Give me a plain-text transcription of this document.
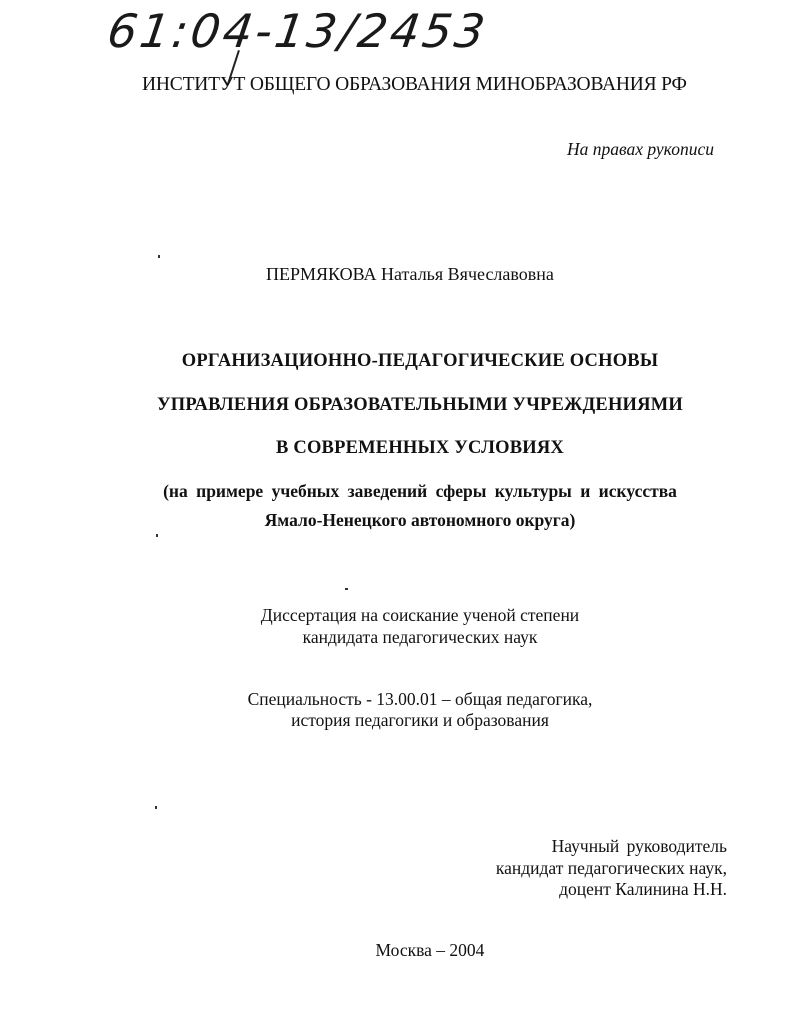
61:04-13/2453
ИНСТИТУТ ОБЩЕГО ОБРАЗОВАНИЯ МИНОБРАЗОВАНИЯ РФ
На правах рукописи
ПЕРМЯКОВА Наталья Вячеславовна
ОРГАНИЗАЦИОННО-ПЕДАГОГИЧЕСКИЕ ОСНОВЫ
УПРАВЛЕНИЯ ОБРАЗОВАТЕЛЬНЫМИ УЧРЕЖДЕНИЯМИ
В СОВРЕМЕННЫХ УСЛОВИЯХ
(на примере учебных заведений сферы культуры и искусства
Ямало-Ненецкого автономного округа)
Диссертация на соискание ученой степени
кандидата педагогических наук
Специальность - 13.00.01 – общая педагогика,
история педагогики и образования
Научный руководитель
кандидат педагогических наук,
доцент Калинина Н.Н.
Москва – 2004
